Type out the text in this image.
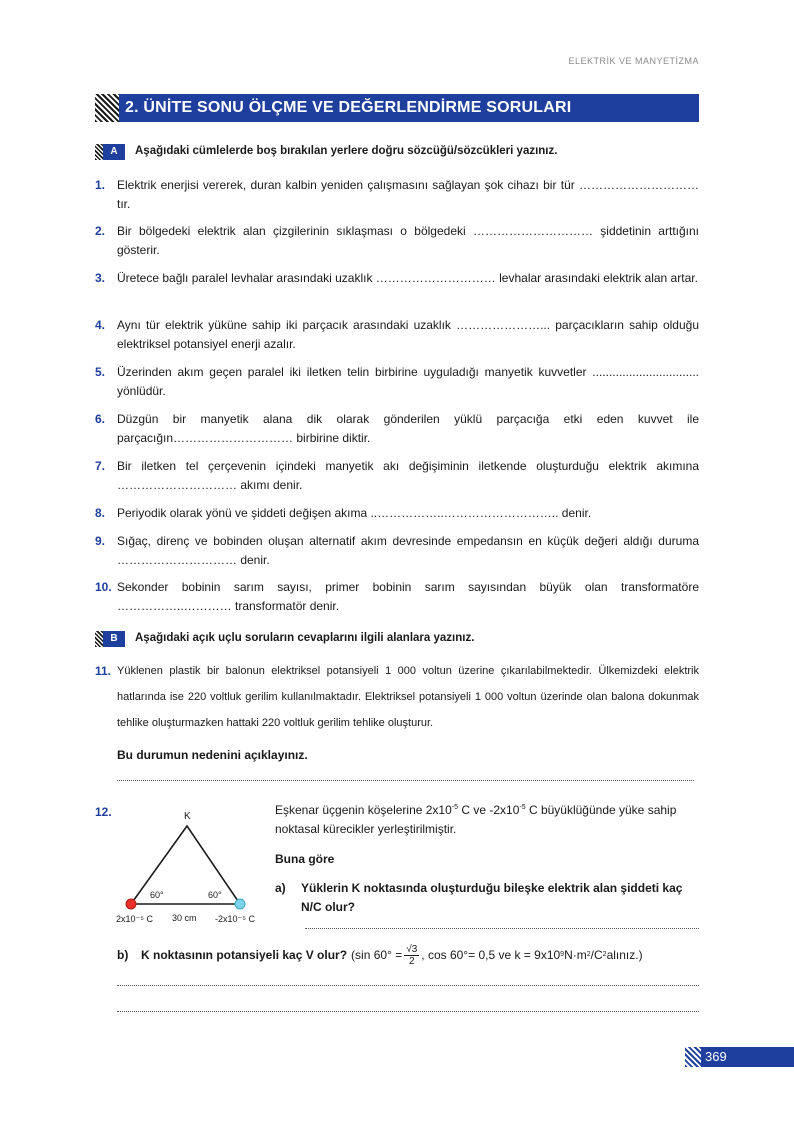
ELEKTRİK VE MANYETİZMA
2. ÜNİTE SONU ÖLÇME VE DEĞERLENDİRME SORULARI
A	Aşağıdaki cümlelerde boş bırakılan yerlere doğru sözcüğü/sözcükleri yazınız.
1. Elektrik enerjisi vererek, duran kalbin yeniden çalışmasını sağlayan şok cihazı bir tür ………………………… tır.
2. Bir bölgedeki elektrik alan çizgilerinin sıklaşması o bölgedeki ………………………… şiddetinin arttığını gösterir.
3. Üretece bağlı paralel levhalar arasındaki uzaklık ………………………… levhalar arasındaki elektrik alan artar.
4. Aynı tür elektrik yüküne sahip iki parçacık arasındaki uzaklık …………………... parçacıkların sahip olduğu elektriksel potansiyel enerji azalır.
5. Üzerinden akım geçen paralel iki iletken telin birbirine uyguladığı manyetik kuvvetler ................................ yönlüdür.
6. Düzgün bir manyetik alana dik olarak gönderilen yüklü parçacığa etki eden kuvvet ile parçacığın………………………… birbirine diktir.
7. Bir iletken tel çerçevenin içindeki manyetik akı değişiminin iletkende oluşturduğu elektrik akımına ………………………… akımı denir.
8. Periyodik olarak yönü ve şiddeti değişen akıma ..……………..……………………….. denir.
9. Sığaç, direnç ve bobinden oluşan alternatif akım devresinde empedansın en küçük değeri aldığı duruma ………………………… denir.
10. Sekonder bobinin sarım sayısı, primer bobinin sarım sayısından büyük olan transformatöre ……………..………… transformatör denir.
B	Aşağıdaki açık uçlu soruların cevaplarını ilgili alanlara yazınız.
11. Yüklenen plastik bir balonun elektriksel potansiyeli 1 000 voltun üzerine çıkarılabilmektedir. Ülkemizdeki elektrik hatlarında ise 220 voltluk gerilim kullanılmaktadır. Elektriksel potansiyeli 1 000 voltun üzerinde olan balona dokunmak tehlike oluşturmazken hattaki 220 voltluk gerilim tehlike oluşturur.
Bu durumun nedenini açıklayınız.
12.	K
60°	60°
2x10⁻⁵ C 30 cm -2x10⁻⁵ C
Eşkenar üçgenin köşelerine $2x10^{-5}$ C ve $-2x10^{-5}$ C büyüklüğünde yüke sahip noktasal kürecikler yerleştirilmiştir.
Buna göre
a)	Yüklerin K noktasında oluşturduğu bileşke elektrik alan şiddeti kaç N/C olur?
b)	K noktasının potansiyeli kaç V olur? (sin $60^\circ = \frac{√3}{2}$ , cos 60°= 0,5 ve k = 9x10 9 N·m 2 /C 2 alınız.)
369
